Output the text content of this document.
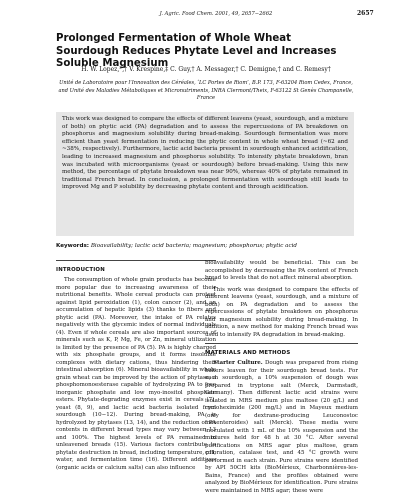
J. Agric. Food Chem. 2001, 49, 2657−2662	2657
Prolonged Fermentation of Whole Wheat Sourdough Reduces Phytate Level and Increases Soluble Magnesium
H. W. Lopez,*,† V. Krespine,‡ C. Guy,† A. Messager,† C. Demigne,† and C. Remesy†
Unité de Laboratoire pour l’Innovation des Céréales, ‘LC Portes de Riom’, B.P. 173, F-63204 Riom Cedex, France, and Unité des Maladies Métaboliques et Micronutriments, INRA Clermont/Theix, F-63122 St Genès Champanelle, France

This work was designed to compare the effects of different leavens (yeast, sourdough, and a mixture of both) on phytic acid (PA) degradation and to assess the repercussions of PA breakdown on phosphorus and magnesium solubility during bread-making. Sourdough fermentation was more efficient than yeast fermentation in reducing the phytic content in whole wheat bread (~62 and ~38%, respectively). Furthermore, lactic acid bacteria present in sourdough enhanced acidification, leading to increased magnesium and phosphorus solubility. To intensify phytate breakdown, bran was incubated with microorganisms (yeast or sourdough) before bread-making. Using this new method, the percentage of phytate breakdown was near 90%, whereas 40% of phytate remained in traditional French bread. In conclusion, a prolonged fermentation with sourdough still leads to improved Mg and P solubility by decreasing phytate content and through acidification.

Keywords: Bioavailability; lactic acid bacteria; magnesium; phosphorus; phytic acid
INTRODUCTION

The consumption of whole grain products has become more popular due to increasing awareness of their nutritional benefits. Whole cereal products can protect against lipid peroxidation (1), colon cancer (2), and an accumulation of hepatic lipids (3) thanks to fibers and phytic acid (PA). Moreover, the intake of PA relates negatively with the glycemic index of normal individuals (4). Even if whole cereals are also important sources of minerals such as K, P, Mg, Fe, or Zn, mineral utilization is limited by the presence of PA (5). PA is highly charged with six phosphate groups, and it forms insoluble complexes with dietary cations, thus hindering their intestinal absorption (6). Mineral bioavailability in whole grain wheat can be improved by the action of phytase, a phosphomonoesterase capable of hydrolyzing PA to free inorganic phosphate and low myo-inositol phosphate esters. Phytate-degrading enzymes exist in cereals (7), yeast (8, 9), and lactic acid bacteria isolated from sourdough (10−12). During bread-making, PA is hydrolyzed by phytases (13, 14), and the reduction of PA contents in different bread types may vary between 13 and 100%. The highest levels of PA remained in unleavened breads (15). Various factors contribute to phytate destruction in bread, including temperature, pH, water, and fermentation time (16). Different additives (organic acids or calcium salts) can also influence

bioavailability would be beneficial. This can be accomplished by decreasing the PA content of French bread to levels that do not affect mineral absorption.

This work was designed to compare the effects of different leavens (yeast, sourdough, and a mixture of both) on PA degradation and to assess the repercussions of phytate breakdown on phosphorus and magnesium solubility during bread-making. In addition, a new method for making French bread was used to intensify PA degradation in bread-making.

MATERIALS AND METHODS

Starter Culture. Dough was prepared from rising bakers leaven for their sourdough bread tests. For each sourdough, a 10% suspension of dough was prepared in tryptone salt (Merck, Darmstadt, Germany). Then different lactic acid strains were isolated in MRS medium plus maltose (20 g/L) and cycloheximide (200 mg/L) and in Mayeux medium (only for dextrane-producing Leuconostoc mesenteroides) salt (Merck). These media were inoculated with 1 mL of the 10% suspension and the mixtures held for 48 h at 30 °C. After several purifications on MRS agar plus maltose, gram coloration, catalase test, and 45 °C growth were performed in each strain. Pure strains were identified by API 50CH kits (BioMérieux, Charbonnières-les-Bains, France) and the profiles obtained were analyzed by BioMérieux for identification. Pure strains were maintained in MRS agar; these were
